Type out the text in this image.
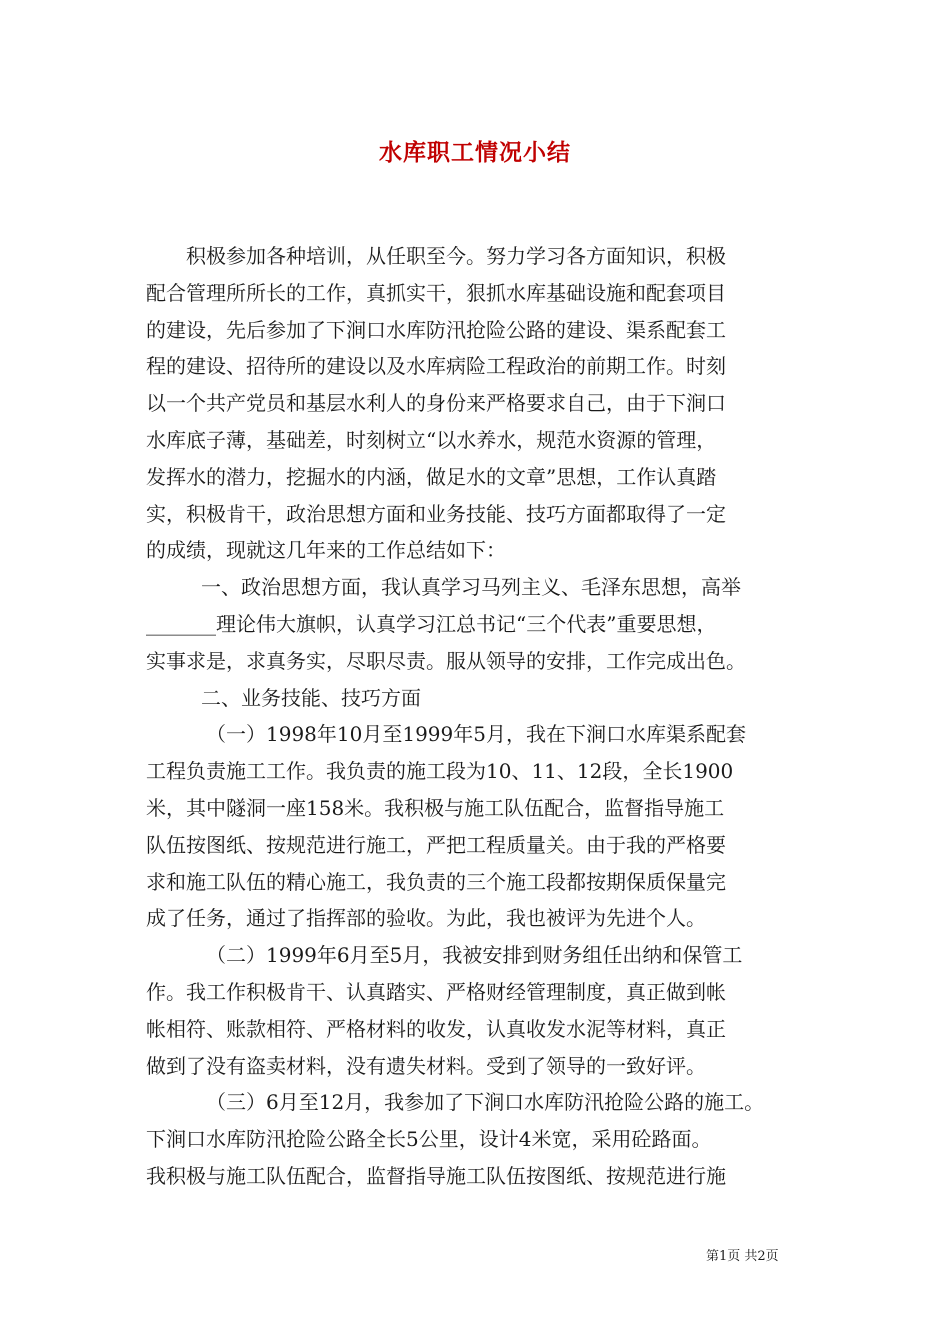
水库职工情况小结
积极参加各种培训，从任职至今。努力学习各方面知识，积极
配合管理所所长的工作，真抓实干，狠抓水库基础设施和配套项目
的建设，先后参加了下涧口水库防汛抢险公路的建设、渠系配套工
程的建设、招待所的建设以及水库病险工程政治的前期工作。时刻
以一个共产党员和基层水利人的身份来严格要求自己，由于下涧口
水库底子薄，基础差，时刻树立“以水养水，规范水资源的管理，
发挥水的潜力，挖掘水的内涵，做足水的文章”思想，工作认真踏
实，积极肯干，政治思想方面和业务技能、技巧方面都取得了一定
的成绩，现就这几年来的工作总结如下：
一、政治思想方面，我认真学习马列主义、毛泽东思想，高举
_______理论伟大旗帜，认真学习江总书记“三个代表”重要思想，
实事求是，求真务实，尽职尽责。服从领导的安排，工作完成出色。
二、业务技能、技巧方面
（一）1998年10月至1999年5月，我在下涧口水库渠系配套
工程负责施工工作。我负责的施工段为10、11、12段，全长1900
米，其中隧洞一座158米。我积极与施工队伍配合，监督指导施工
队伍按图纸、按规范进行施工，严把工程质量关。由于我的严格要
求和施工队伍的精心施工，我负责的三个施工段都按期保质保量完
成了任务，通过了指挥部的验收。为此，我也被评为先进个人。
（二）1999年6月至5月，我被安排到财务组任出纳和保管工
作。我工作积极肯干、认真踏实、严格财经管理制度，真正做到帐
帐相符、账款相符、严格材料的收发，认真收发水泥等材料，真正
做到了没有盗卖材料，没有遗失材料。受到了领导的一致好评。
（三）6月至12月，我参加了下涧口水库防汛抢险公路的施工。
下涧口水库防汛抢险公路全长5公里，设计4米宽，采用砼路面。
我积极与施工队伍配合，监督指导施工队伍按图纸、按规范进行施
第1页 共2页
